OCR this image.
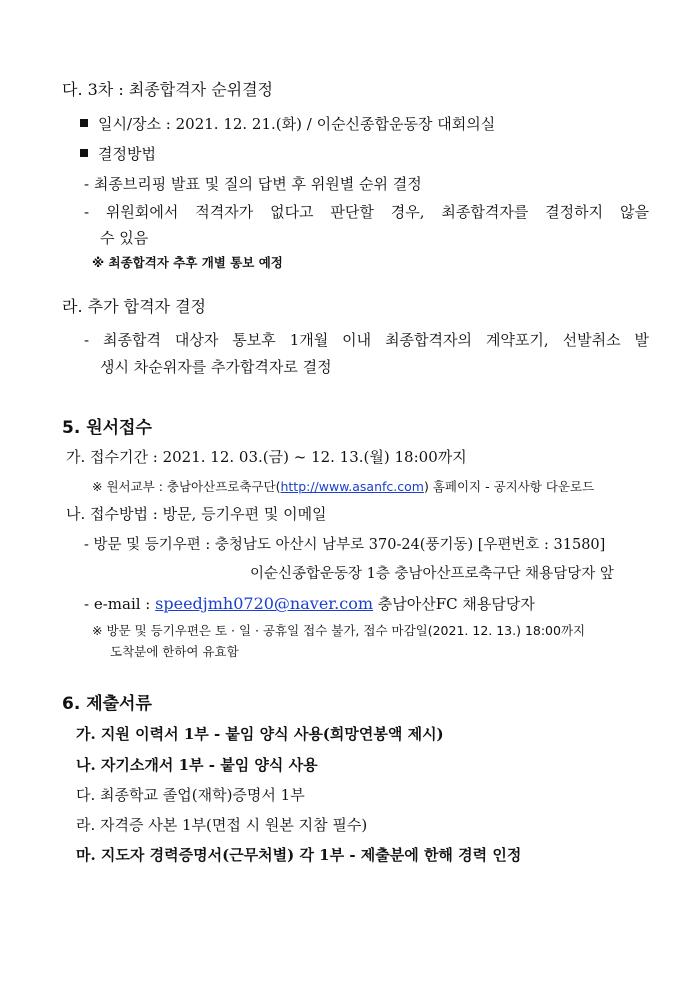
다. 3차 : 최종합격자 순위결정
일시/장소 : 2021. 12. 21.(화) / 이순신종합운동장 대회의실
결정방법
- 최종브리핑 발표 및 질의 답변 후 위원별 순위 결정
- 위원회에서 적격자가 없다고 판단할 경우, 최종합격자를 결정하지 않을
수 있음
※ 최종합격자 추후 개별 통보 예정
라. 추가 합격자 결정
- 최종합격 대상자 통보후 1개월 이내 최종합격자의 계약포기, 선발취소 발
생시 차순위자를 추가합격자로 결정
5. 원서접수
가. 접수기간 : 2021. 12. 03.(금) ~ 12. 13.(월) 18:00까지
※ 원서교부 : 충남아산프로축구단(http://www.asanfc.com) 홈페이지 - 공지사항 다운로드
나. 접수방법 : 방문, 등기우편 및 이메일
- 방문 및 등기우편 : 충청남도 아산시 남부로 370-24(풍기동) [우편번호 : 31580]
이순신종합운동장 1층 충남아산프로축구단 채용담당자 앞
- e-mail : speedjmh0720@naver.com 충남아산FC 채용담당자
※ 방문 및 등기우편은 토 · 일 · 공휴일 접수 불가, 접수 마감일(2021. 12. 13.) 18:00까지
도착분에 한하여 유효함
6. 제출서류
가. 지원 이력서 1부 - 붙임 양식 사용(희망연봉액 제시)
나. 자기소개서 1부 - 붙임 양식 사용
다. 최종학교 졸업(재학)증명서 1부
라. 자격증 사본 1부(면접 시 원본 지참 필수)
마. 지도자 경력증명서(근무처별) 각 1부 - 제출분에 한해 경력 인정
